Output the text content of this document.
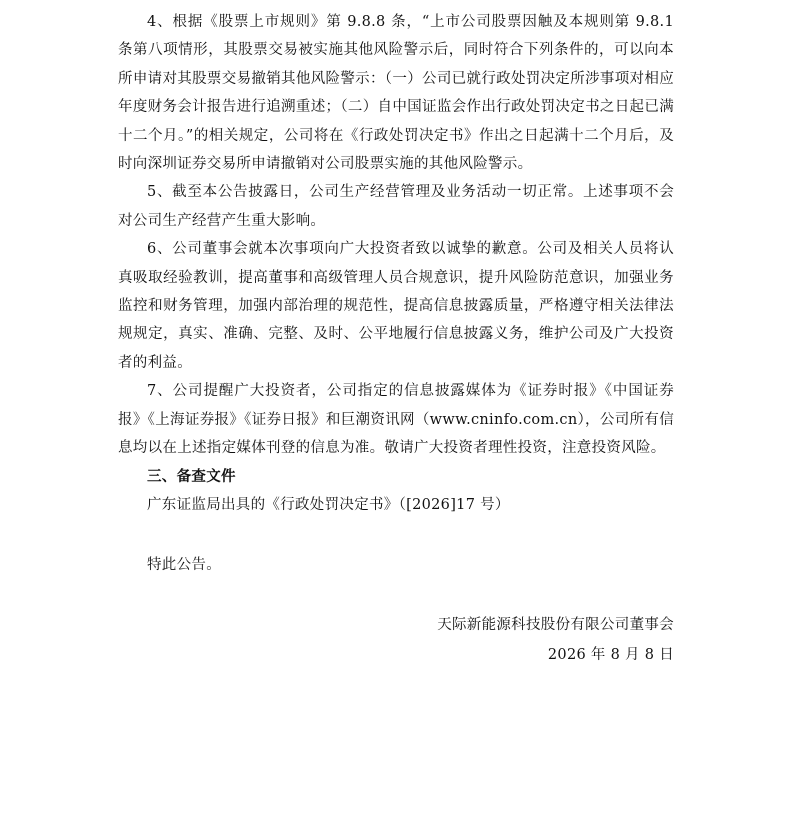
4、根据《股票上市规则》第 9.8.8 条，“上市公司股票因触及本规则第 9.8.1 条第八项情形，其股票交易被实施其他风险警示后，同时符合下列条件的，可以向本所申请对其股票交易撤销其他风险警示：（一）公司已就行政处罚决定所涉事项对相应年度财务会计报告进行追溯重述；（二）自中国证监会作出行政处罚决定书之日起已满十二个月。”的相关规定，公司将在《行政处罚决定书》作出之日起满十二个月后，及时向深圳证券交易所申请撤销对公司股票实施的其他风险警示。

5、截至本公告披露日，公司生产经营管理及业务活动一切正常。上述事项不会对公司生产经营产生重大影响。

6、公司董事会就本次事项向广大投资者致以诚挚的歉意。公司及相关人员将认真吸取经验教训，提高董事和高级管理人员合规意识，提升风险防范意识，加强业务监控和财务管理，加强内部治理的规范性，提高信息披露质量，严格遵守相关法律法规规定，真实、准确、完整、及时、公平地履行信息披露义务，维护公司及广大投资者的利益。

7、公司提醒广大投资者，公司指定的信息披露媒体为《证券时报》《中国证券报》《上海证券报》《证券日报》和巨潮资讯网（www.cninfo.com.cn），公司所有信息均以在上述指定媒体刊登的信息为准。敬请广大投资者理性投资，注意投资风险。

三、备查文件

广东证监局出具的《行政处罚决定书》（[2026]17 号）

特此公告。

天际新能源科技股份有限公司董事会

2026 年 8 月 8 日
